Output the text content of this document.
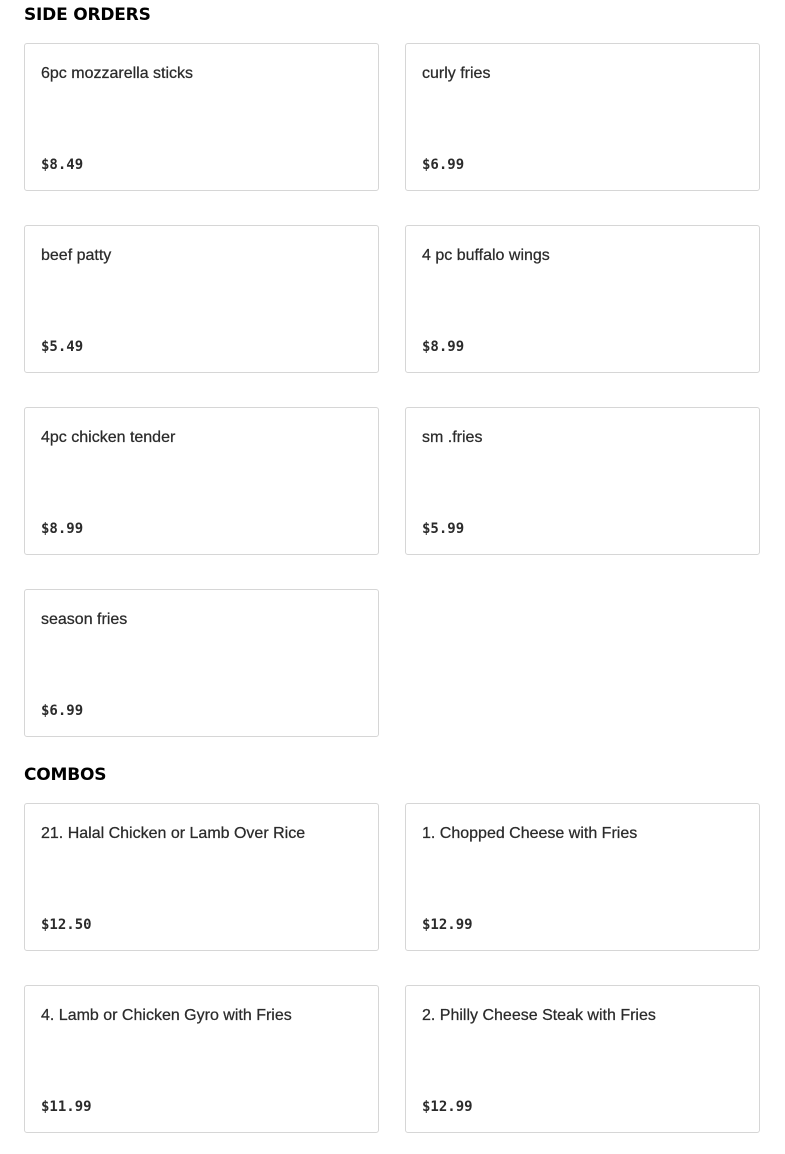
SIDE ORDERS
6pc mozzarella sticks
$8.49
curly fries
$6.99
beef patty
$5.49
4 pc buffalo wings
$8.99
4pc chicken tender
$8.99
sm .fries
$5.99
season fries
$6.99
COMBOS
21. Halal Chicken or Lamb Over Rice
$12.50
1. Chopped Cheese with Fries
$12.99
4. Lamb or Chicken Gyro with Fries
$11.99
2. Philly Cheese Steak with Fries
$12.99
